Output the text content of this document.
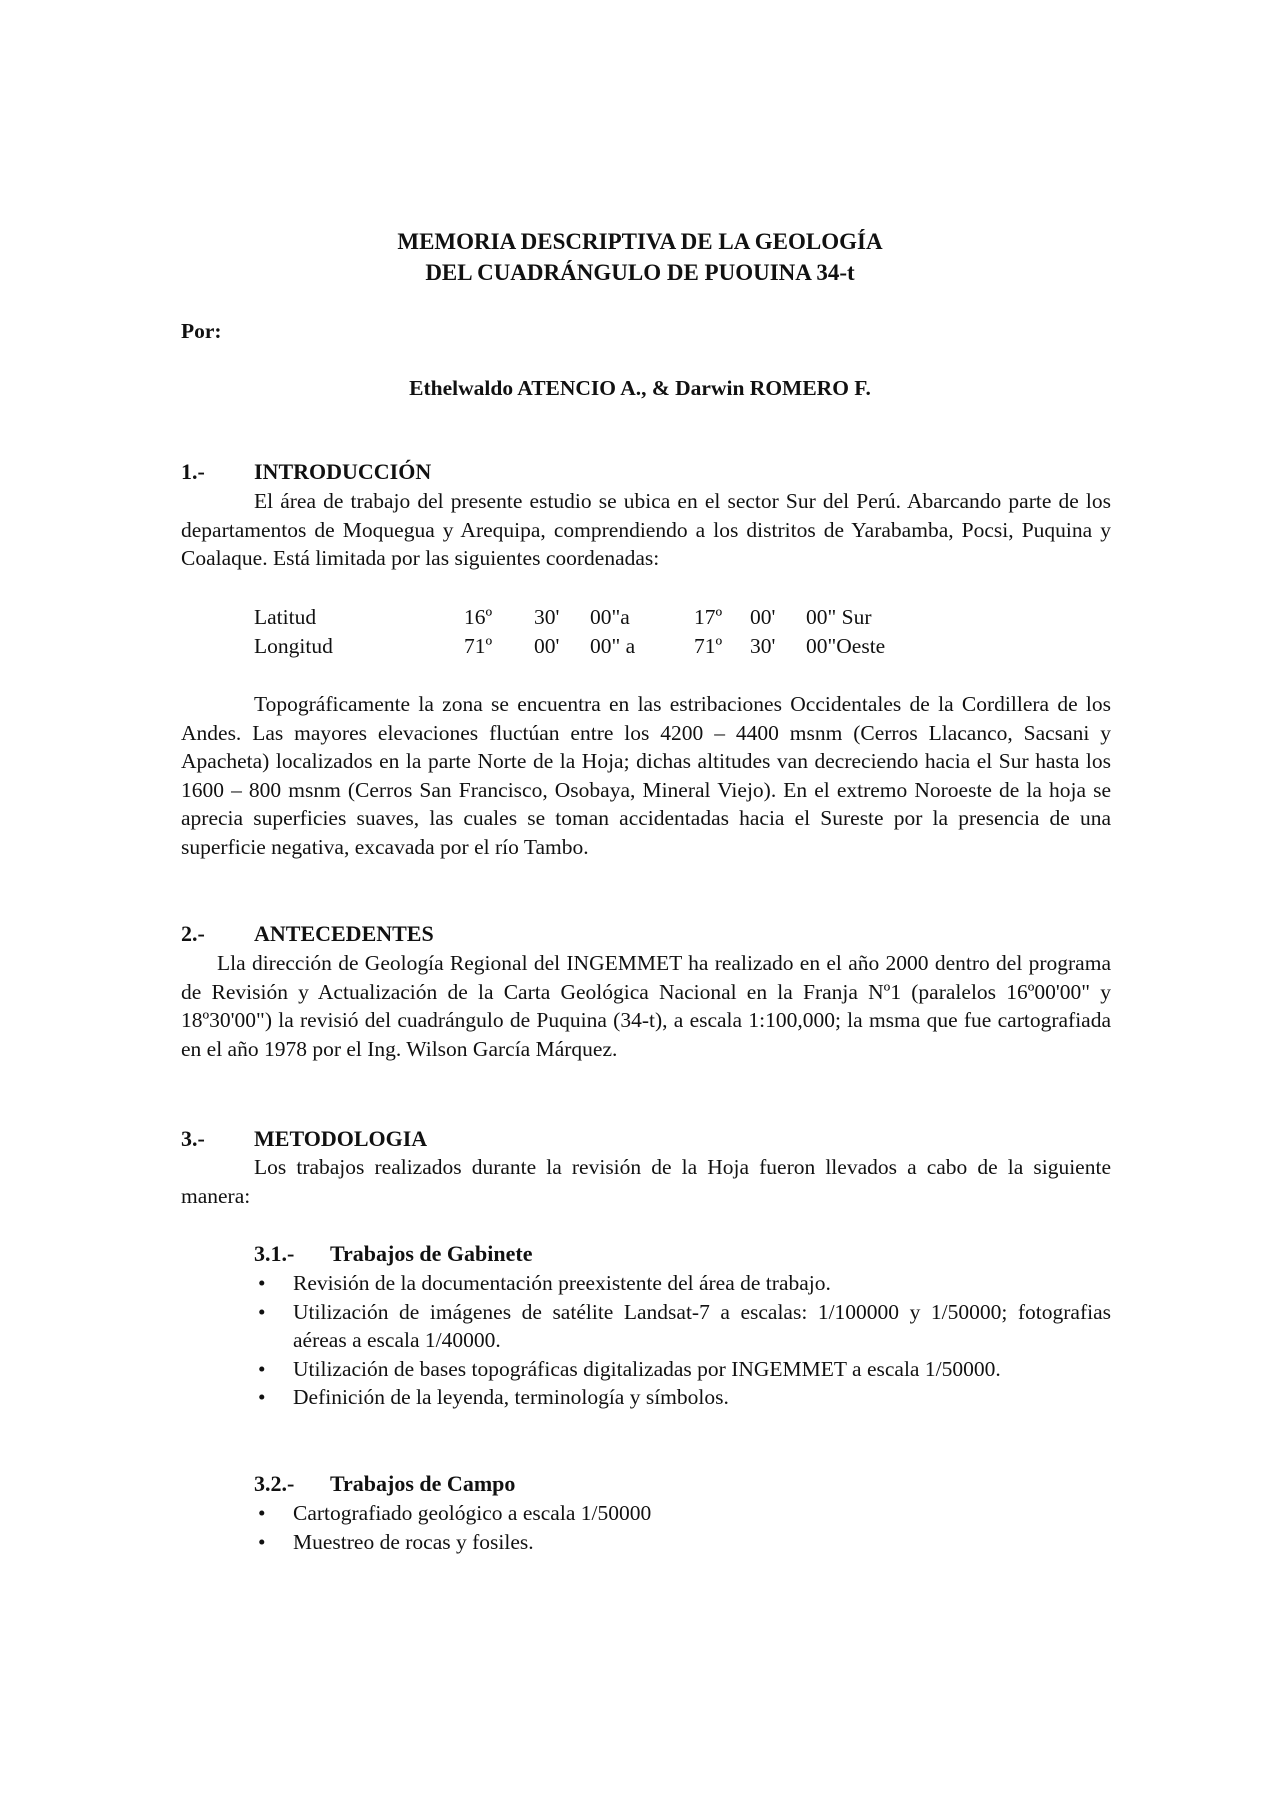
MEMORIA DESCRIPTIVA DE LA GEOLOGÍA
DEL CUADRÁNGULO DE PUOUINA 34-t
Por:
Ethelwaldo ATENCIO A., & Darwin ROMERO F.
1.- INTRODUCCIÓN
El área de trabajo del presente estudio se ubica en el sector Sur del Perú. Abarcando parte de los departamentos de Moquegua y Arequipa, comprendiendo a los distritos de Yarabamba, Pocsi, Puquina y Coalaque. Está limitada por las siguientes coordenadas:
Latitud	16º	30'	00"a	17º	00'	00" Sur
Longitud	71º	00'	00" a	71º	30'	00"Oeste
Topográficamente la zona se encuentra en las estribaciones Occidentales de la Cordillera de los Andes. Las mayores elevaciones fluctúan entre los 4200 – 4400 msnm (Cerros Llacanco, Sacsani y Apacheta) localizados en la parte Norte de la Hoja; dichas altitudes van decreciendo hacia el Sur hasta los 1600 – 800 msnm (Cerros San Francisco, Osobaya, Mineral Viejo). En el extremo Noroeste de la hoja se aprecia superficies suaves, las cuales se toman accidentadas hacia el Sureste por la presencia de una superficie negativa, excavada por el río Tambo.
2.- ANTECEDENTES
Lla dirección de Geología Regional del INGEMMET ha realizado en el año 2000 dentro del programa de Revisión y Actualización de la Carta Geológica Nacional en la Franja Nº1 (paralelos 16º00'00" y 18º30'00") la revisió del cuadrángulo de Puquina (34-t), a escala 1:100,000; la msma que fue cartografiada en el año 1978 por el Ing. Wilson García Márquez.
3.- METODOLOGIA
Los trabajos realizados durante la revisión de la Hoja fueron llevados a cabo de la siguiente manera:
3.1.- Trabajos de Gabinete
• Revisión de la documentación preexistente del área de trabajo.
• Utilización de imágenes de satélite Landsat-7 a escalas: 1/100000 y 1/50000; fotografias aéreas a escala 1/40000.
• Utilización de bases topográficas digitalizadas por INGEMMET a escala 1/50000.
• Definición de la leyenda, terminología y símbolos.
3.2.- Trabajos de Campo
• Cartografiado geológico a escala 1/50000
• Muestreo de rocas y fosiles.
